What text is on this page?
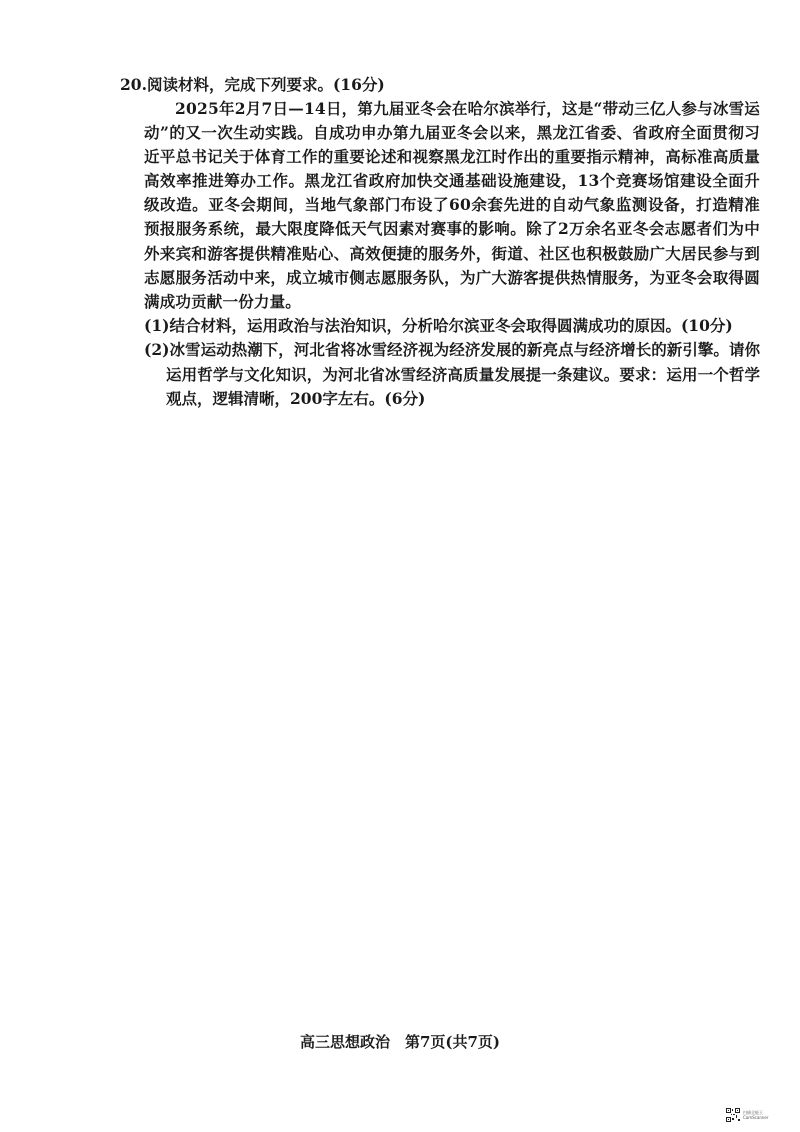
20.阅读材料，完成下列要求。(16分)
2025年2月7日—14日，第九届亚冬会在哈尔滨举行，这是“带动三亿人参与冰雪运动”的又一次生动实践。自成功申办第九届亚冬会以来，黑龙江省委、省政府全面贯彻习近平总书记关于体育工作的重要论述和视察黑龙江时作出的重要指示精神，高标准高质量高效率推进筹办工作。黑龙江省政府加快交通基础设施建设，13个竞赛场馆建设全面升级改造。亚冬会期间，当地气象部门布设了60余套先进的自动气象监测设备，打造精准预报服务系统，最大限度降低天气因素对赛事的影响。除了2万余名亚冬会志愿者们为中外来宾和游客提供精准贴心、高效便捷的服务外，街道、社区也积极鼓励广大居民参与到志愿服务活动中来，成立城市侧志愿服务队，为广大游客提供热情服务，为亚冬会取得圆满成功贡献一份力量。
(1)结合材料，运用政治与法治知识，分析哈尔滨亚冬会取得圆满成功的原因。(10分)
(2)冰雪运动热潮下，河北省将冰雪经济视为经济发展的新亮点与经济增长的新引擎。请你运用哲学与文化知识，为河北省冰雪经济高质量发展提一条建议。要求：运用一个哲学观点，逻辑清晰，200字左右。(6分)
高三思想政治　第7页(共7页)
扫描全能王
CamScanner
